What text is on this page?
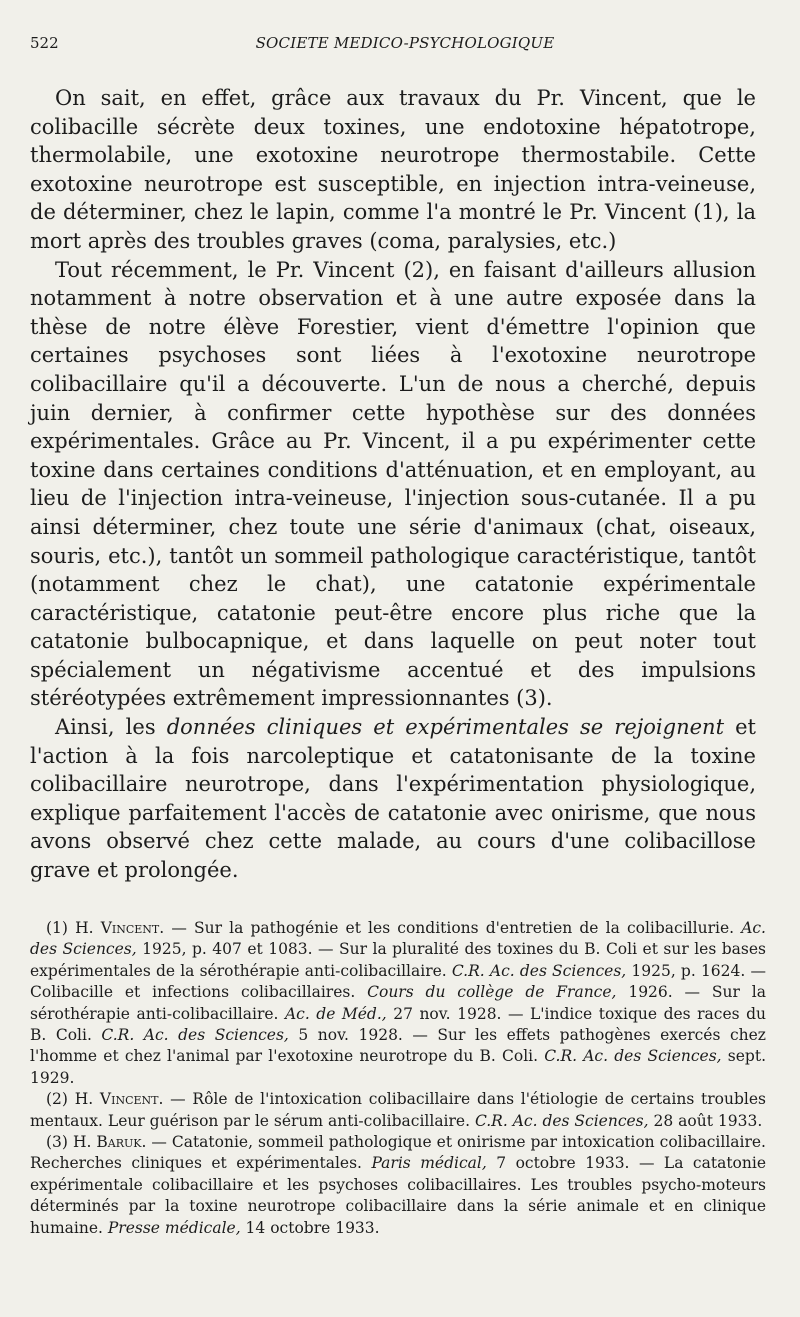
522	SOCIETE MEDICO-PSYCHOLOGIQUE

On sait, en effet, grâce aux travaux du Pr. Vincent, que le colibacille sécrète deux toxines, une endotoxine hépatotrope, thermolabile, une exotoxine neurotrope thermostabile. Cette exotoxine neurotrope est susceptible, en injection intra-veineuse, de déterminer, chez le lapin, comme l'a montré le Pr. Vincent (1), la mort après des troubles graves (coma, paralysies, etc.)

Tout récemment, le Pr. Vincent (2), en faisant d'ailleurs allusion notamment à notre observation et à une autre exposée dans la thèse de notre élève Forestier, vient d'émettre l'opinion que certaines psychoses sont liées à l'exotoxine neurotrope colibacillaire qu'il a découverte. L'un de nous a cherché, depuis juin dernier, à confirmer cette hypothèse sur des données expérimentales. Grâce au Pr. Vincent, il a pu expérimenter cette toxine dans certaines conditions d'atténuation, et en employant, au lieu de l'injection intra-veineuse, l'injection sous-cutanée. Il a pu ainsi déterminer, chez toute une série d'animaux (chat, oiseaux, souris, etc.), tantôt un sommeil pathologique caractéristique, tantôt (notamment chez le chat), une catatonie expérimentale caractéristique, catatonie peut-être encore plus riche que la catatonie bulbocapnique, et dans laquelle on peut noter tout spécialement un négativisme accentué et des impulsions stéréotypées extrêmement impressionnantes (3).

Ainsi, les données cliniques et expérimentales se rejoignent et l'action à la fois narcoleptique et catatonisante de la toxine colibacillaire neurotrope, dans l'expérimentation physiologique, explique parfaitement l'accès de catatonie avec onirisme, que nous avons observé chez cette malade, au cours d'une colibacillose grave et prolongée.

(1) H. Vincent. — Sur la pathogénie et les conditions d'entretien de la colibacillurie. Ac. des Sciences, 1925, p. 407 et 1083. — Sur la pluralité des toxines du B. Coli et sur les bases expérimentales de la sérothérapie anti-colibacillaire. C.R. Ac. des Sciences, 1925, p. 1624. — Colibacille et infections colibacillaires. Cours du collège de France, 1926. — Sur la sérothérapie anti-colibacillaire. Ac. de Méd., 27 nov. 1928. — L'indice toxique des races du B. Coli. C.R. Ac. des Sciences, 5 nov. 1928. — Sur les effets pathogènes exercés chez l'homme et chez l'animal par l'exotoxine neurotrope du B. Coli. C.R. Ac. des Sciences, sept. 1929.

(2) H. Vincent. — Rôle de l'intoxication colibacillaire dans l'étiologie de certains troubles mentaux. Leur guérison par le sérum anti-colibacillaire. C.R. Ac. des Sciences, 28 août 1933.

(3) H. Baruk. — Catatonie, sommeil pathologique et onirisme par intoxication colibacillaire. Recherches cliniques et expérimentales. Paris médical, 7 octobre 1933. — La catatonie expérimentale colibacillaire et les psychoses colibacillaires. Les troubles psycho-moteurs déterminés par la toxine neurotrope colibacillaire dans la série animale et en clinique humaine. Presse médicale, 14 octobre 1933.
